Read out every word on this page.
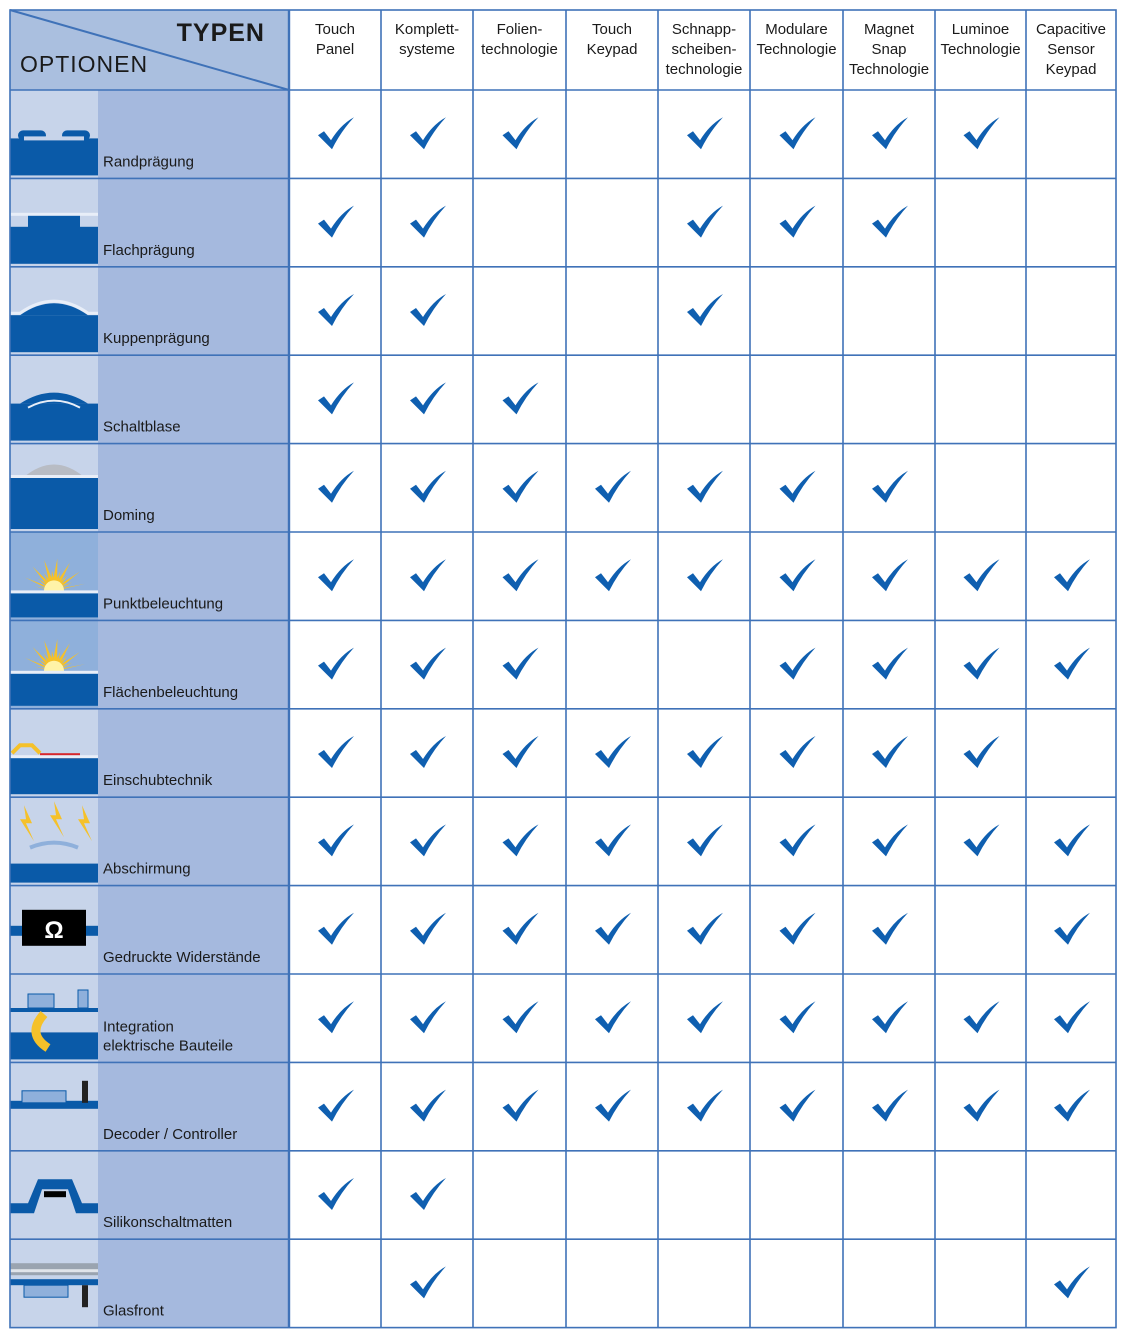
Ω
TYPEN
OPTIONEN
Touch
Panel
Komplett-
systeme
Folien-
technologie
Touch
Keypad
Schnapp-
scheiben-
technologie
Modulare
Technologie
Magnet
Snap
Technologie
Luminoe
Technologie
Capacitive
Sensor
Keypad
Randprägung
Flachprägung
Kuppenprägung
Schaltblase
Doming
Punktbeleuchtung
Flächenbeleuchtung
Einschubtechnik
Abschirmung
Gedruckte Widerstände
Integration
elektrische Bauteile
Decoder / Controller
Silikonschaltmatten
Glasfront
